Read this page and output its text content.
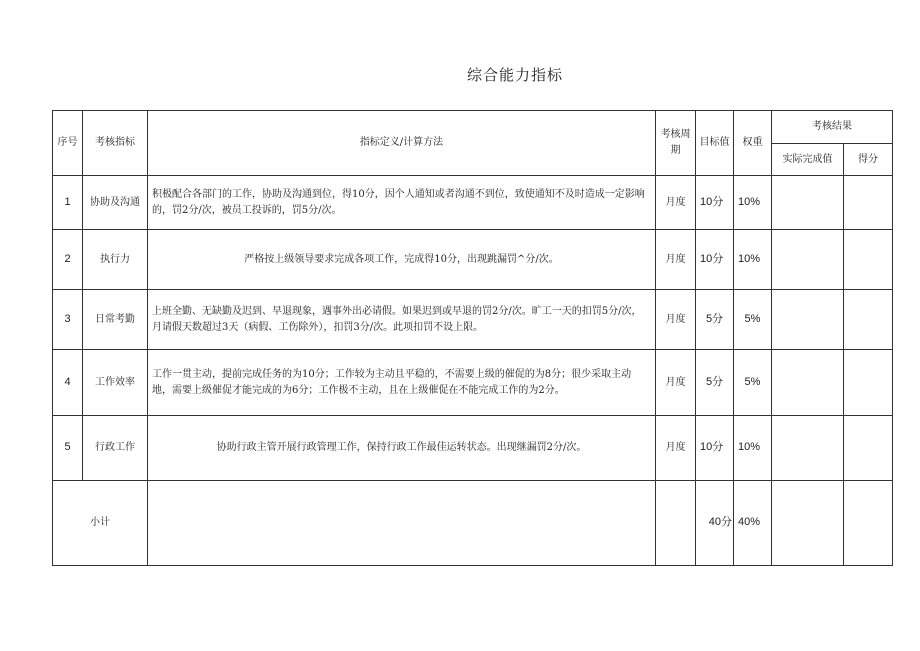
综合能力指标
序号	考核指标	指标定义/计算方法	考核周期	目标值	权重	考核结果	
						实际完成值	得分
1	协助及沟通	积极配合各部门的工作，协助及沟通到位，得10分，因个人通知或者沟通不到位，致使通知不及时造成一定影响的，罚2分/次，被员工投诉的，罚5分/次。	月度	10分	10%		
2	执行力	严格按上级领导要求完成各项工作，完成得10分，出现跳漏罚^分/次。	月度	10分	10%		
3	日常考勤	上班全勤、无缺勤及迟到、早退现象，遇事外出必请假。如果迟到或早退的罚2分/次。旷工一天的扣罚5分/次，月请假天数超过3天（病假、工伤除外），扣罚3分/次。此项扣罚不设上限。	月度	5分	5%		
4	工作效率	工作一贯主动，提前完成任务的为10分；工作较为主动且平稳的，不需要上级的催促的为8分；很少采取主动地，需要上级催促才能完成的为6分；工作极不主动，且在上级催促在不能完成工作的为2分。	月度	5分	5%		
5	行政工作	协助行政主管开展行政管理工作，保持行政工作最佳运转状态。出现继漏罚2分/次。	月度	10分	10%		
小计				40分	40%		
